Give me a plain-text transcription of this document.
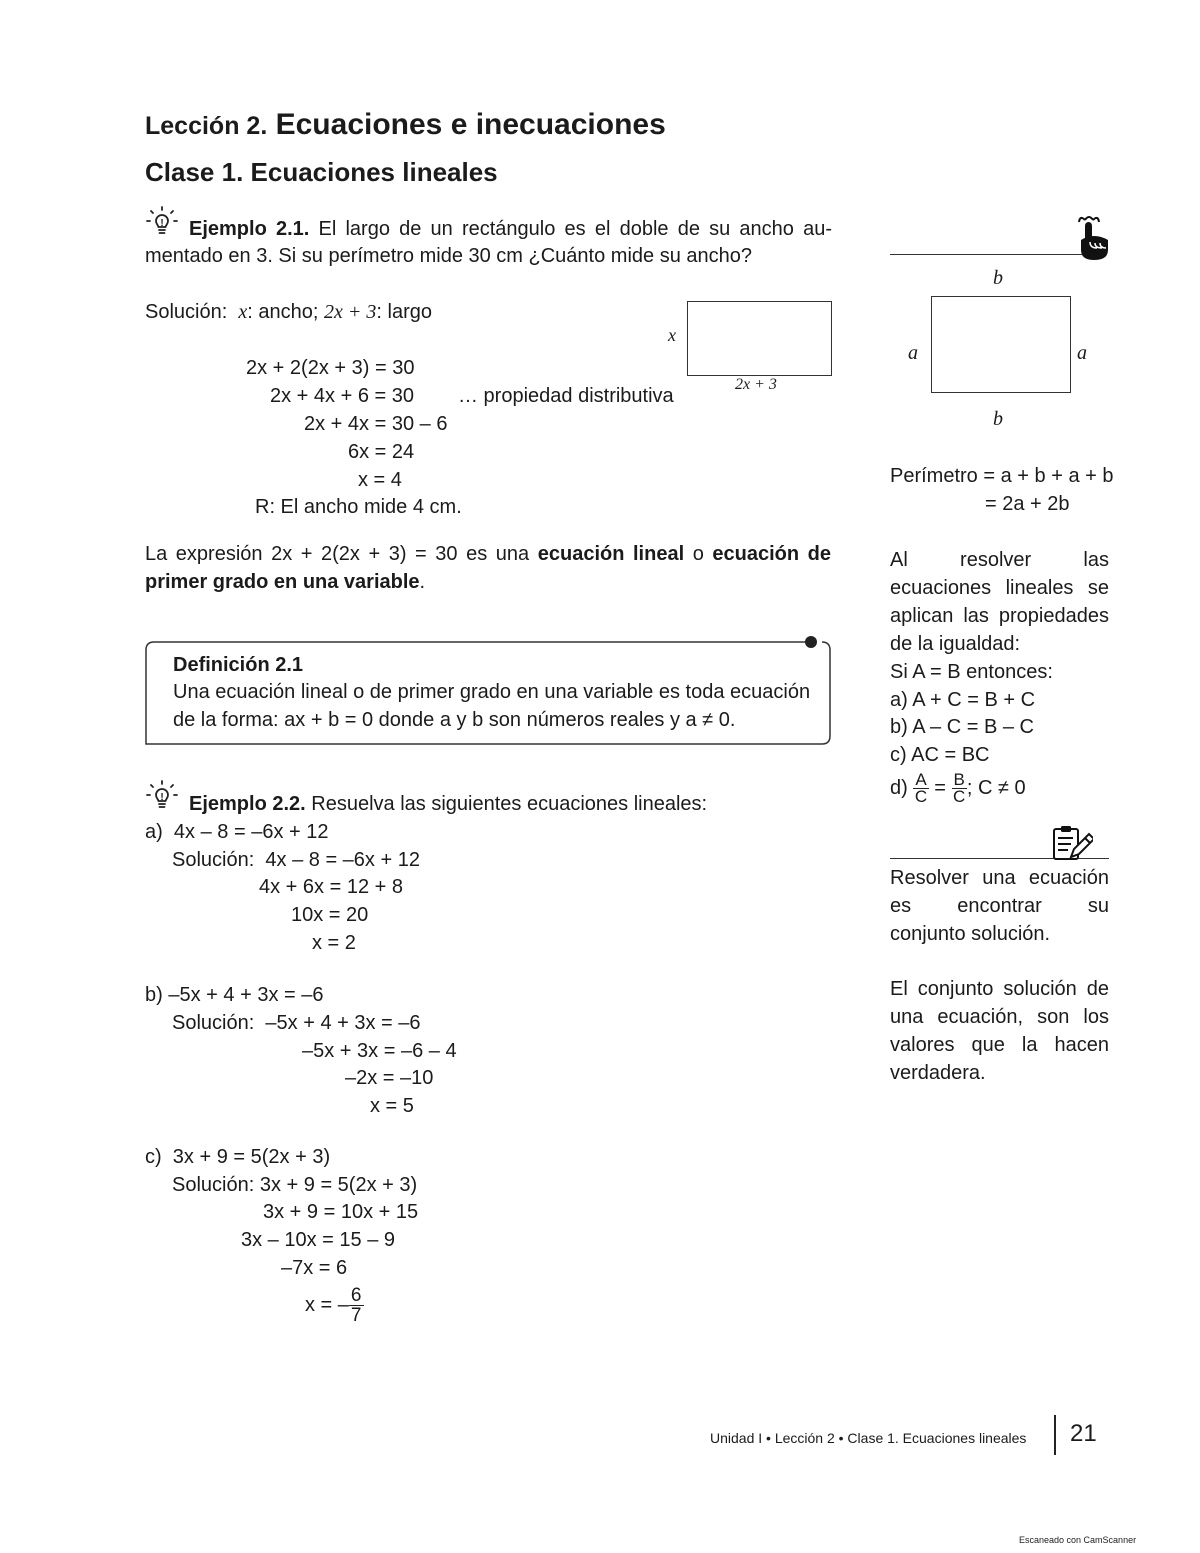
Lección 2. Ecuaciones e inecuaciones
Clase 1. Ecuaciones lineales
! Ejemplo 2.1. El largo de un rectángulo es el doble de su ancho au-
mentado en 3. Si su perímetro mide 30 cm ¿Cuánto mide su ancho?
Solución: x: ancho; 2x + 3: largo
2x + 2(2x + 3) = 30
2x + 4x + 6 = 30 … propiedad distributiva
2x + 4x = 30 – 6
6x = 24
x = 4
R: El ancho mide 4 cm.
x
2x + 3
La expresión 2x + 2(2x + 3) = 30 es una ecuación lineal o ecuación de
primer grado en una variable.
Definición 2.1
Una ecuación lineal o de primer grado en una variable es toda ecuación
de la forma: ax + b = 0 donde a y b son números reales y a ≠ 0.
! Ejemplo 2.2. Resuelva las siguientes ecuaciones lineales:
a) 4x – 8 = –6x + 12
Solución: 4x – 8 = –6x + 12
4x + 6x = 12 + 8
10x = 20
x = 2
b) –5x + 4 + 3x = –6
Solución: –5x + 4 + 3x = –6
–5x + 3x = –6 – 4
–2x = –10
x = 5
c) 3x + 9 = 5(2x + 3)
Solución: 3x + 9 = 5(2x + 3)
3x + 9 = 10x + 15
3x – 10x = 15 – 9
–7x = 6
x = – $\frac{6}{7}$
b
a	a
b
Perímetro = a + b + a + b
= 2a + 2b
Al resolver las ecuaciones lineales se aplican las propiedades de la igualdad:
Si A = B entonces:
a) A + C = B + C
b) A – C = B – C
c) AC = BC
$d) \frac{A}{C} = \frac{B}{C}$ ; C ≠ 0
Resolver una ecuación es encontrar su conjunto solución.
El conjunto solución de una ecuación, son los valores que la hacen verdadera.
Unidad I • Lección 2 • Clase 1. Ecuaciones lineales 21
Escaneado con CamScanner
